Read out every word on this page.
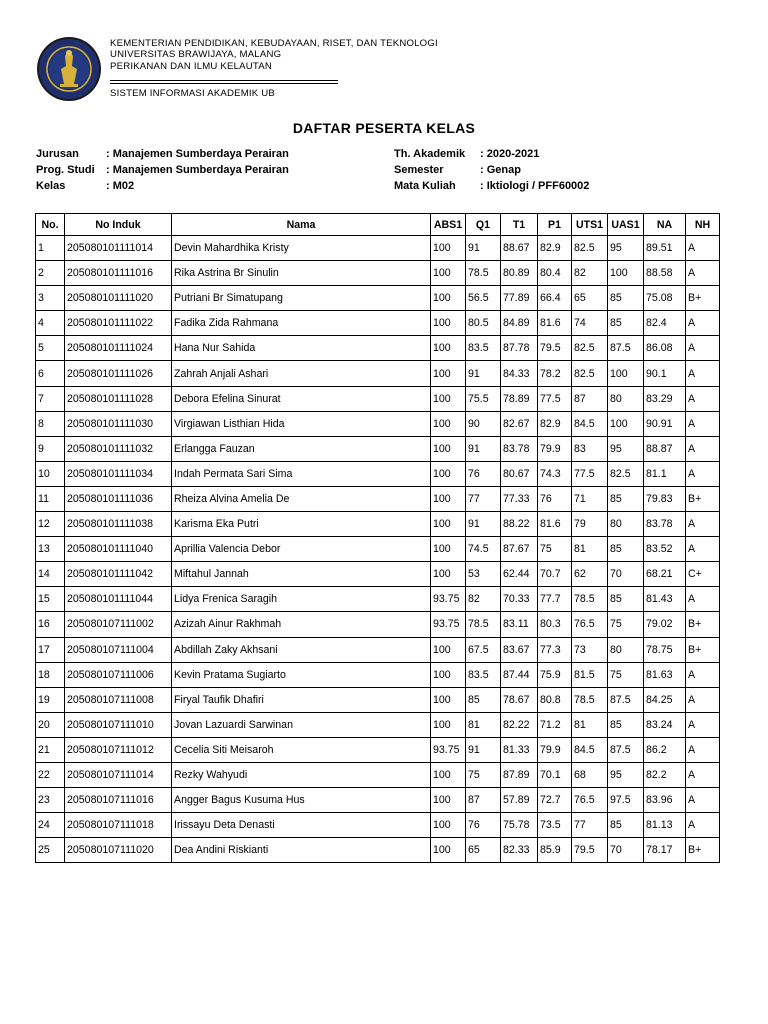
KEMENTERIAN PENDIDIKAN, KEBUDAYAAN, RISET, DAN TEKNOLOGI
UNIVERSITAS BRAWIJAYA, MALANG
PERIKANAN DAN ILMU KELAUTAN
SISTEM INFORMASI AKADEMIK UB
DAFTAR PESERTA KELAS
Jurusan	: Manajemen Sumberdaya Perairan
Prog. Studi	: Manajemen Sumberdaya Perairan
Kelas	: M02
Th. Akademik	: 2020-2021
Semester	: Genap
Mata Kuliah	: Iktiologi / PFF60002
No.	No Induk	Nama	ABS1	Q1	T1	P1	UTS1	UAS1	NA	NH
1	205080101111014	Devin Mahardhika Kristy	100	91	88.67	82.9	82.5	95	89.51	A
2	205080101111016	Rika Astrina Br Sinulin	100	78.5	80.89	80.4	82	100	88.58	A
3	205080101111020	Putriani Br Simatupang	100	56.5	77.89	66.4	65	85	75.08	B+
4	205080101111022	Fadika Zida Rahmana	100	80.5	84.89	81.6	74	85	82.4	A
5	205080101111024	Hana Nur Sahida	100	83.5	87.78	79.5	82.5	87.5	86.08	A
6	205080101111026	Zahrah Anjali Ashari	100	91	84.33	78.2	82.5	100	90.1	A
7	205080101111028	Debora Efelina Sinurat	100	75.5	78.89	77.5	87	80	83.29	A
8	205080101111030	Virgiawan Listhian Hida	100	90	82.67	82.9	84.5	100	90.91	A
9	205080101111032	Erlangga Fauzan	100	91	83.78	79.9	83	95	88.87	A
10	205080101111034	Indah Permata Sari Sima	100	76	80.67	74.3	77.5	82.5	81.1	A
11	205080101111036	Rheiza Alvina Amelia De	100	77	77.33	76	71	85	79.83	B+
12	205080101111038	Karisma Eka Putri	100	91	88.22	81.6	79	80	83.78	A
13	205080101111040	Aprillia Valencia Debor	100	74.5	87.67	75	81	85	83.52	A
14	205080101111042	Miftahul Jannah	100	53	62.44	70.7	62	70	68.21	C+
15	205080101111044	Lidya Frenica Saragih	93.75	82	70.33	77.7	78.5	85	81.43	A
16	205080107111002	Azizah Ainur Rakhmah	93.75	78.5	83.11	80.3	76.5	75	79.02	B+
17	205080107111004	Abdillah Zaky Akhsani	100	67.5	83.67	77.3	73	80	78.75	B+
18	205080107111006	Kevin Pratama Sugiarto	100	83.5	87.44	75.9	81.5	75	81.63	A
19	205080107111008	Firyal Taufik Dhafiri	100	85	78.67	80.8	78.5	87.5	84.25	A
20	205080107111010	Jovan Lazuardi Sarwinan	100	81	82.22	71.2	81	85	83.24	A
21	205080107111012	Cecelia Siti Meisaroh	93.75	91	81.33	79.9	84.5	87.5	86.2	A
22	205080107111014	Rezky Wahyudi	100	75	87.89	70.1	68	95	82.2	A
23	205080107111016	Angger Bagus Kusuma Hus	100	87	57.89	72.7	76.5	97.5	83.96	A
24	205080107111018	Irissayu Deta Denasti	100	76	75.78	73.5	77	85	81.13	A
25	205080107111020	Dea Andini Riskianti	100	65	82.33	85.9	79.5	70	78.17	B+
